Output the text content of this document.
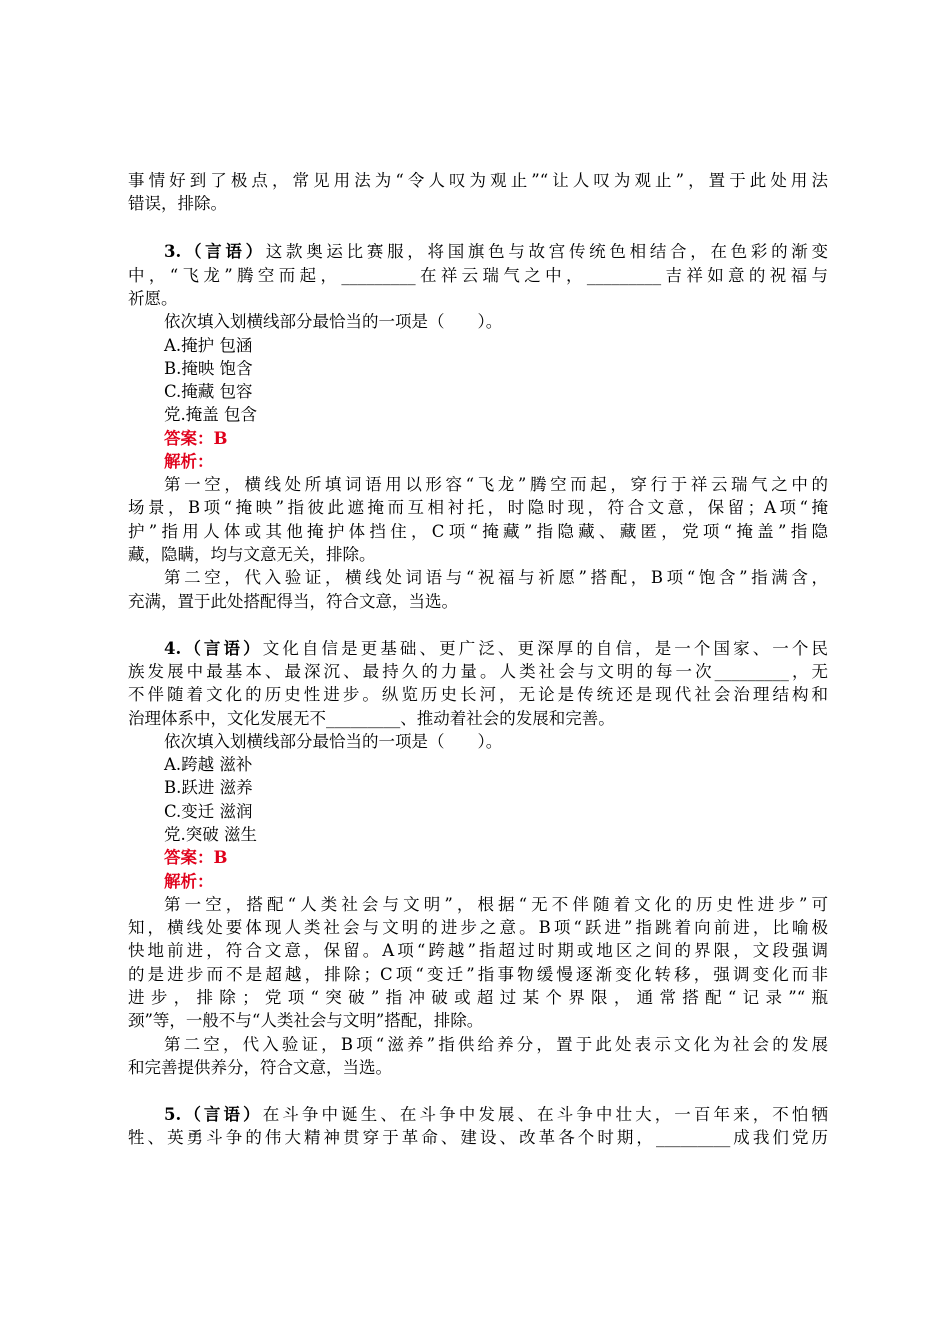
事情好到了极点，常见用法为“令人叹为观止”“让人叹为观止”，置于此处用法
错误，排除。
3.（言语）这款奥运比赛服，将国旗色与故宫传统色相结合，在色彩的渐变
中，“飞龙”腾空而起，_________在祥云瑞气之中，_________吉祥如意的祝福与
祈愿。
依次填入划横线部分最恰当的一项是（　　）。
A.掩护 包涵
B.掩映 饱含
C.掩藏 包容
党.掩盖 包含
答案：B
解析：
第一空，横线处所填词语用以形容“飞龙”腾空而起，穿行于祥云瑞气之中的
场景，B项“掩映”指彼此遮掩而互相衬托，时隐时现，符合文意，保留；A项“掩
护”指用人体或其他掩护体挡住，C项“掩藏”指隐藏、藏匿，党项“掩盖”指隐
藏，隐瞒，均与文意无关，排除。
第二空，代入验证，横线处词语与“祝福与祈愿”搭配，B项“饱含”指满含，
充满，置于此处搭配得当，符合文意，当选。
4.（言语）文化自信是更基础、更广泛、更深厚的自信，是一个国家、一个民
族发展中最基本、最深沉、最持久的力量。人类社会与文明的每一次_________，无
不伴随着文化的历史性进步。纵览历史长河，无论是传统还是现代社会治理结构和
治理体系中，文化发展无不_________、推动着社会的发展和完善。
依次填入划横线部分最恰当的一项是（　　）。
A.跨越 滋补
B.跃进 滋养
C.变迁 滋润
党.突破 滋生
答案：B
解析：
第一空，搭配“人类社会与文明”，根据“无不伴随着文化的历史性进步”可
知，横线处要体现人类社会与文明的进步之意。B项“跃进”指跳着向前进，比喻极
快地前进，符合文意，保留。A项“跨越”指超过时期或地区之间的界限，文段强调
的是进步而不是超越，排除；C项“变迁”指事物缓慢逐渐变化转移，强调变化而非
进步，排除；党项“突破”指冲破或超过某个界限，通常搭配“记录”“瓶
颈”等，一般不与“人类社会与文明”搭配，排除。
第二空，代入验证，B项“滋养”指供给养分，置于此处表示文化为社会的发展
和完善提供养分，符合文意，当选。
5.（言语）在斗争中诞生、在斗争中发展、在斗争中壮大，一百年来，不怕牺
牲、英勇斗争的伟大精神贯穿于革命、建设、改革各个时期，_________成我们党历
